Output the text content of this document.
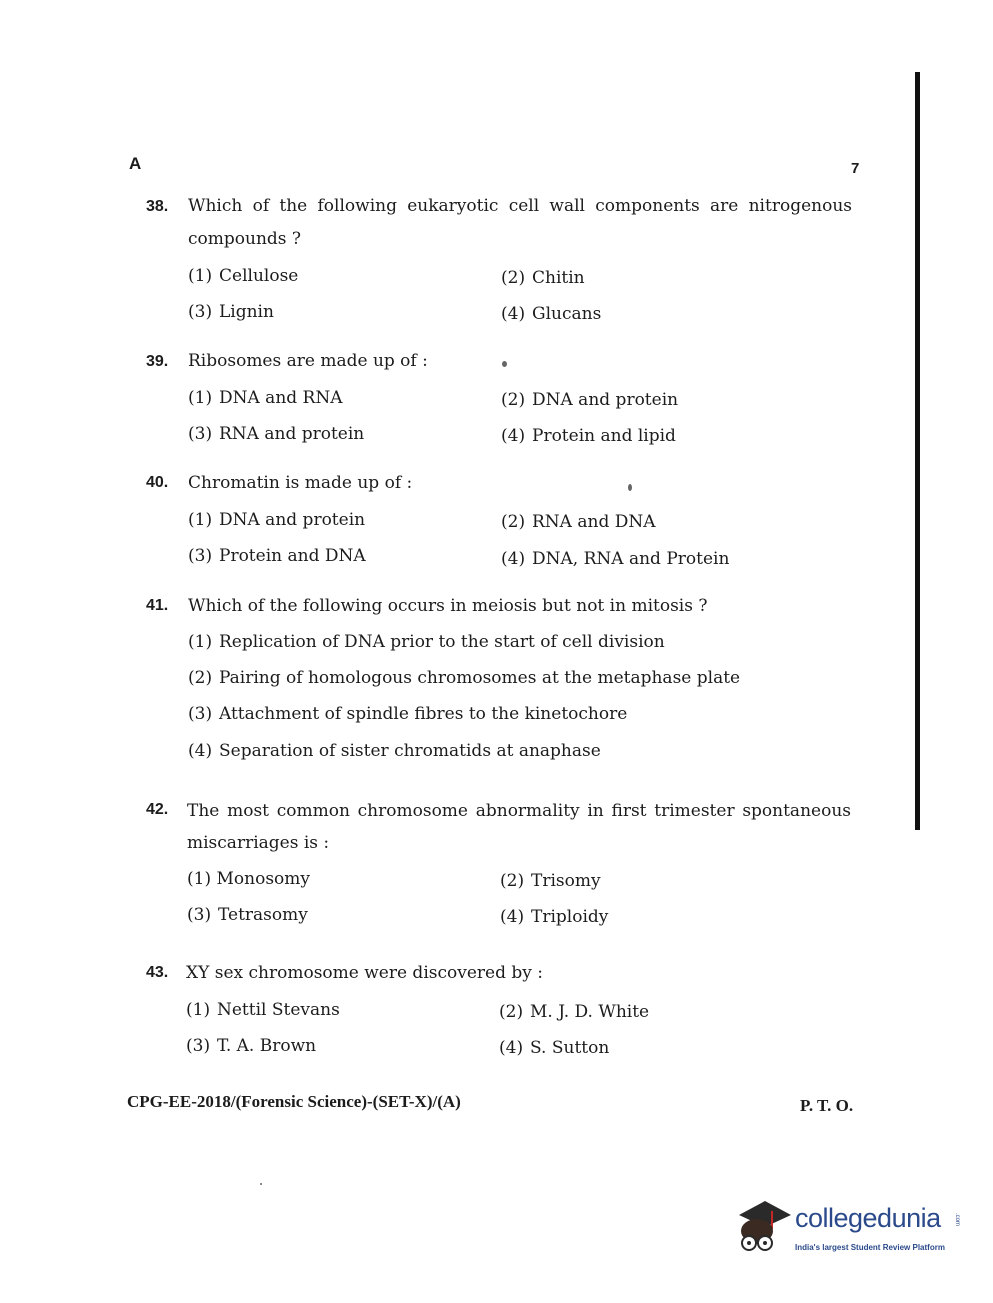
A	7
38. Which of the following eukaryotic cell wall components are nitrogenous
compounds ?
(1) Cellulose	(2) Chitin
(3) Lignin	(4) Glucans
39. Ribosomes are made up of :
(1) DNA and RNA	(2) DNA and protein
(3) RNA and protein	(4) Protein and lipid
40. Chromatin is made up of :
(1) DNA and protein	(2) RNA and DNA
(3) Protein and DNA	(4) DNA, RNA and Protein
41. Which of the following occurs in meiosis but not in mitosis ?
(1) Replication of DNA prior to the start of cell division
(2) Pairing of homologous chromosomes at the metaphase plate
(3) Attachment of spindle fibres to the kinetochore
(4) Separation of sister chromatids at anaphase
42. The most common chromosome abnormality in first trimester spontaneous
miscarriages is :
(1) Monosomy	(2) Trisomy
(3) Tetrasomy	(4) Triploidy
43. XY sex chromosome were discovered by :
(1) Nettil Stevans	(2) M. J. D. White
(3) T. A. Brown	(4) S. Sutton
CPG-EE-2018/(Forensic Science)-(SET-X)/(A)	P. T. O.
collegedunia .com
India's largest Student Review Platform
